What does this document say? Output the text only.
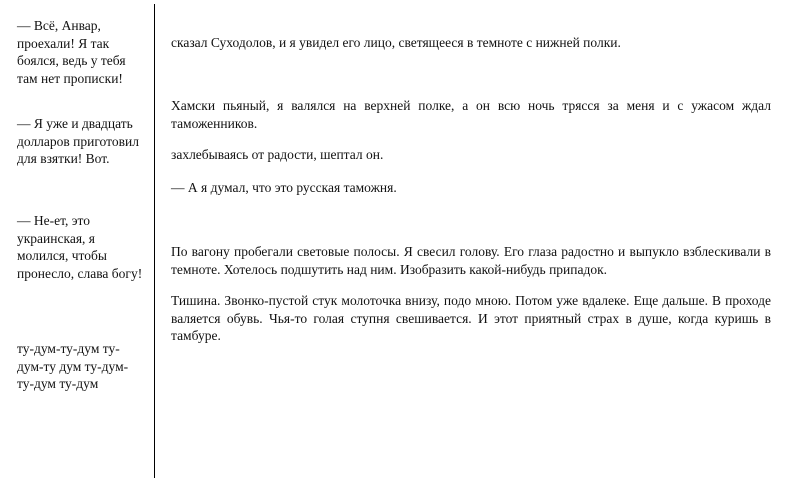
— Всё, Анвар, проехали! Я так боялся, ведь у тебя там нет прописки!

— Я уже и двадцать долларов приготовил для взятки! Вот.

— Не-ет, это украинская, я молился, чтобы пронесло, слава богу!

ту-дум-ту-дум ту-дум-ту дум ту-дум-ту-дум ту-дум

сказал Суходолов, и я увидел его лицо, светящееся в темноте с нижней полки.

Хамски пьяный, я валялся на верхней полке, а он всю ночь трясся за меня и с ужасом ждал таможенников.

захлебываясь от радости, шептал он.

— А я думал, что это русская таможня.

По вагону пробегали световые полосы. Я свесил голову. Его глаза радостно и выпукло взблескивали в темноте. Хотелось подшутить над ним. Изобразить какой-нибудь припадок.

Тишина. Звонко-пустой стук молоточка внизу, подо мною. Потом уже вдалеке. Еще дальше. В проходе валяется обувь. Чья-то голая ступня свешивается. И этот приятный страх в душе, когда куришь в тамбуре.
